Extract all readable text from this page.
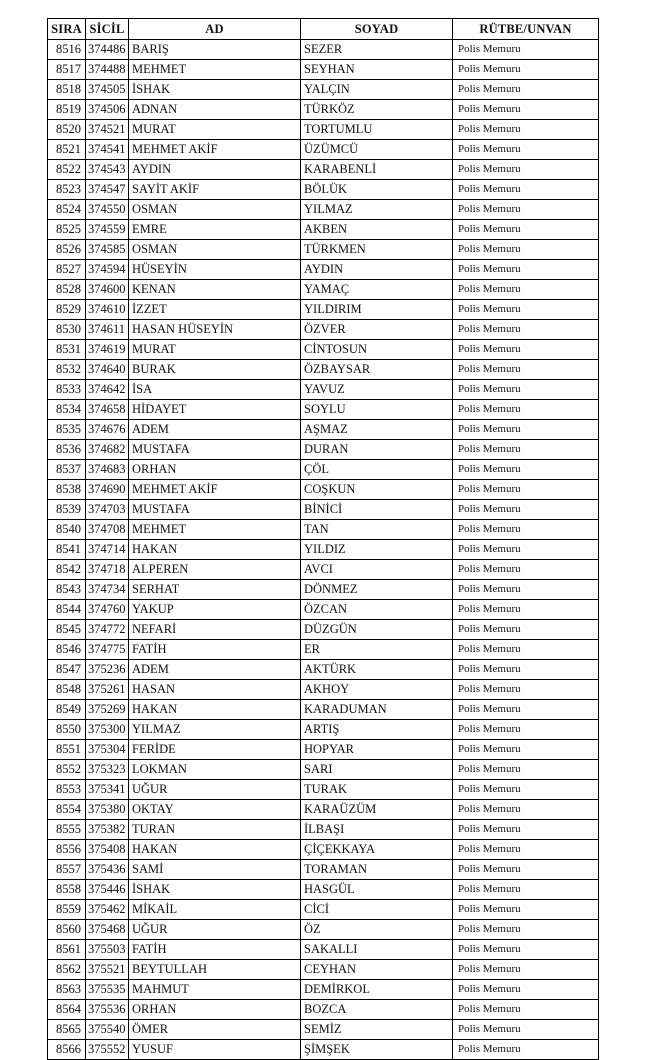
SIRA	SİCİL	AD	SOYAD	RÜTBE/UNVAN
8516	374486	BARIŞ	SEZER	Polis Memuru
8517	374488	MEHMET	SEYHAN	Polis Memuru
8518	374505	İSHAK	YALÇIN	Polis Memuru
8519	374506	ADNAN	TÜRKÖZ	Polis Memuru
8520	374521	MURAT	TORTUMLU	Polis Memuru
8521	374541	MEHMET AKİF	ÜZÜMCÜ	Polis Memuru
8522	374543	AYDIN	KARABENLİ	Polis Memuru
8523	374547	SAYİT AKİF	BÖLÜK	Polis Memuru
8524	374550	OSMAN	YILMAZ	Polis Memuru
8525	374559	EMRE	AKBEN	Polis Memuru
8526	374585	OSMAN	TÜRKMEN	Polis Memuru
8527	374594	HÜSEYİN	AYDIN	Polis Memuru
8528	374600	KENAN	YAMAÇ	Polis Memuru
8529	374610	İZZET	YILDIRIM	Polis Memuru
8530	374611	HASAN HÜSEYİN	ÖZVER	Polis Memuru
8531	374619	MURAT	CİNTOSUN	Polis Memuru
8532	374640	BURAK	ÖZBAYSAR	Polis Memuru
8533	374642	İSA	YAVUZ	Polis Memuru
8534	374658	HİDAYET	SOYLU	Polis Memuru
8535	374676	ADEM	AŞMAZ	Polis Memuru
8536	374682	MUSTAFA	DURAN	Polis Memuru
8537	374683	ORHAN	ÇÖL	Polis Memuru
8538	374690	MEHMET AKİF	COŞKUN	Polis Memuru
8539	374703	MUSTAFA	BİNİCİ	Polis Memuru
8540	374708	MEHMET	TAN	Polis Memuru
8541	374714	HAKAN	YILDIZ	Polis Memuru
8542	374718	ALPEREN	AVCI	Polis Memuru
8543	374734	SERHAT	DÖNMEZ	Polis Memuru
8544	374760	YAKUP	ÖZCAN	Polis Memuru
8545	374772	NEFARİ	DÜZGÜN	Polis Memuru
8546	374775	FATİH	ER	Polis Memuru
8547	375236	ADEM	AKTÜRK	Polis Memuru
8548	375261	HASAN	AKHOY	Polis Memuru
8549	375269	HAKAN	KARADUMAN	Polis Memuru
8550	375300	YILMAZ	ARTIŞ	Polis Memuru
8551	375304	FERİDE	HOPYAR	Polis Memuru
8552	375323	LOKMAN	SARI	Polis Memuru
8553	375341	UĞUR	TURAK	Polis Memuru
8554	375380	OKTAY	KARAÜZÜM	Polis Memuru
8555	375382	TURAN	İLBAŞI	Polis Memuru
8556	375408	HAKAN	ÇİÇEKKAYA	Polis Memuru
8557	375436	SAMİ	TORAMAN	Polis Memuru
8558	375446	İSHAK	HASGÜL	Polis Memuru
8559	375462	MİKAİL	CİCİ	Polis Memuru
8560	375468	UĞUR	ÖZ	Polis Memuru
8561	375503	FATİH	SAKALLI	Polis Memuru
8562	375521	BEYTULLAH	CEYHAN	Polis Memuru
8563	375535	MAHMUT	DEMİRKOL	Polis Memuru
8564	375536	ORHAN	BOZCA	Polis Memuru
8565	375540	ÖMER	SEMİZ	Polis Memuru
8566	375552	YUSUF	ŞİMŞEK	Polis Memuru
